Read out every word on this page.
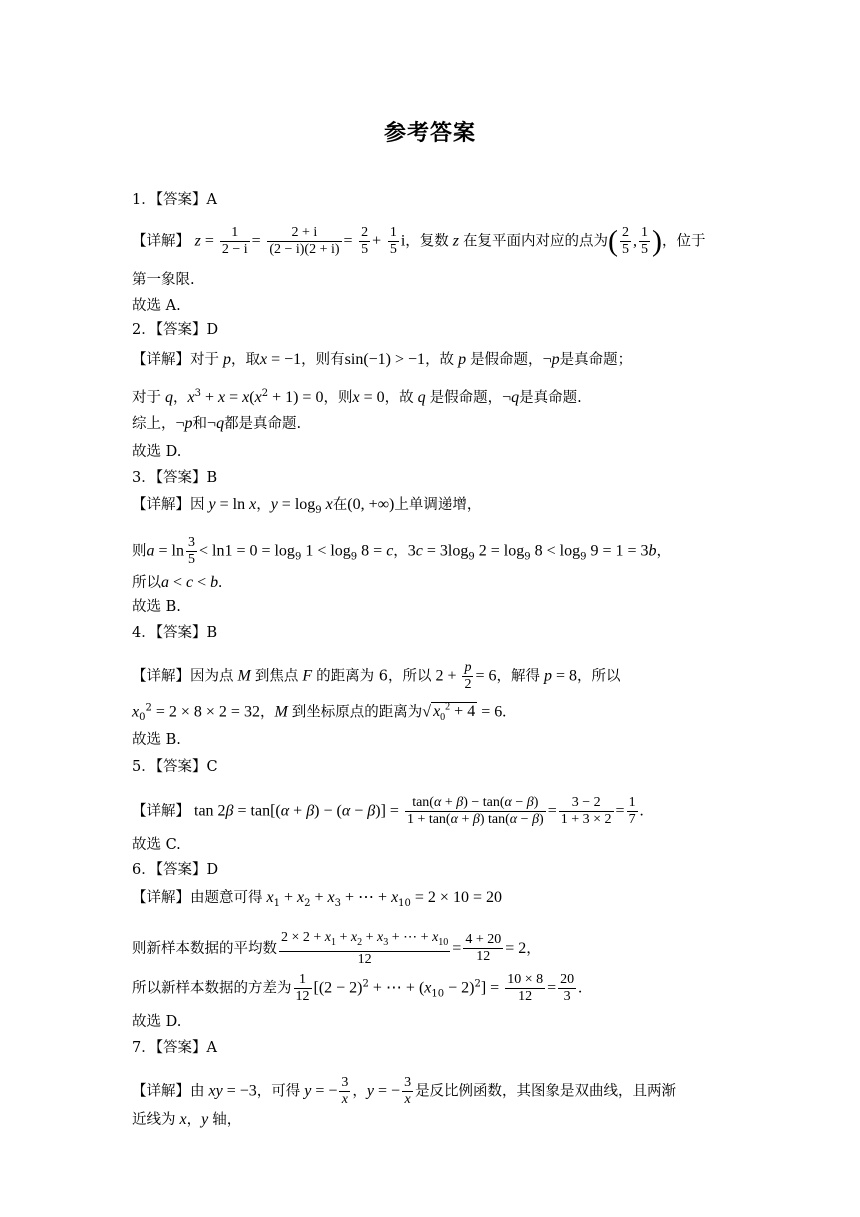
参考答案
1．【答案】A
【详解】 $z = \frac{1}{2 - i} = \frac{2 + i}{(2 - i)(2 + i)} = \frac{2}{5} + \frac{1}{5}$ i，复数 z 在复平面内对应的点为( $\frac{2}{5}$ , $\frac{1}{5}$ )，位于
第一象限.
故选 A.
2．【答案】D
【详解】对于 p，取x = −1，则有sin(−1) > −1，故 p 是假命题，¬p是真命题；
对于 q，$x^3 + x = x(x^2 + 1) = 0$，则x = 0，故 q 是假命题，¬q是真命题.
综上，¬p和¬q都是真命题.
故选 D.
3．【答案】B
【详解】因 y = ln x，$y = \log_9 x$在(0, +∞)上单调递增，
则$a = \ln \frac{3}{5} < \ln 1 = 0 = \log_9 1 < \log_9 8 = c$，$3c = 3\log_9$ $2 = \log_9 8 < \log_9 9 = 1 = 3b$，
所以a < c < b.
故选 B.
4．【答案】B
【详解】因为点 M 到焦点 F 的距离为 6，所以 $2 + \frac{p}{2} = 6$，解得 p = 8，所以
$x_0^2 = 2 \times 8 \times 2 = 32$，M 到坐标原点的距离为√ $x_0^2 + 4 = 6$.
故选 B.
5．【答案】C
【详解】 $\tan 2\beta = \tan[(\alpha + \beta) - (\alpha - \beta)] = \frac{\tan(\alpha + \beta) - \tan(\alpha - \beta)}{1 + \tan(\alpha + \beta) \tan(\alpha - \beta)} = \frac{3 - 2}{1 + 3 \times 2} = \frac{1}{7}$ .
故选 C.
6．【答案】D
【详解】由题意可得 $x_1 + x_2 + x_3$ + ⋯ + $x_{10} = 2 \times 10 = 20$
则新样本数据的平均数 $\frac{2 \times 2 + x_1 + x_2 + x_3 + \cdots + x_{10}}{12} = \frac{4 + 20}{12} = 2$，
所以新样本数据的方差为 $\frac{1}{12} [(2 - 2)^2$ + ⋯ + $(x_{10} - 2)^2] = \frac{10 \times 8}{12} = \frac{20}{3}$ .
故选 D.
7．【答案】A
【详解】由 xy = −3，可得 y = − $\frac{3}{x}$ ，y = − $\frac{3}{x}$ 是反比例函数，其图象是双曲线，且两渐
近线为 x，y 轴，
